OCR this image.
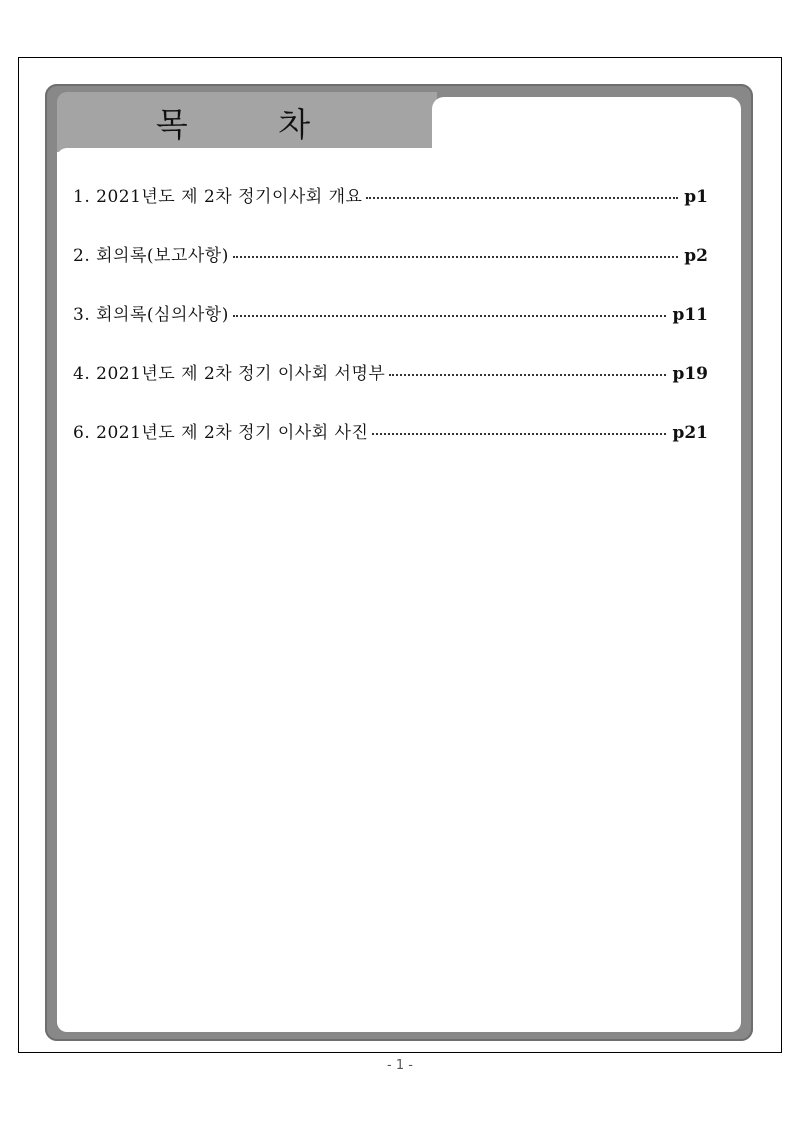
목 차
1. 2021년도 제 2차 정기이사회 개요	p1
2. 회의록(보고사항)	p2
3. 회의록(심의사항)	p11
4. 2021년도 제 2차 정기 이사회 서명부	p19
6. 2021년도 제 2차 정기 이사회 사진	p21
- 1 -
